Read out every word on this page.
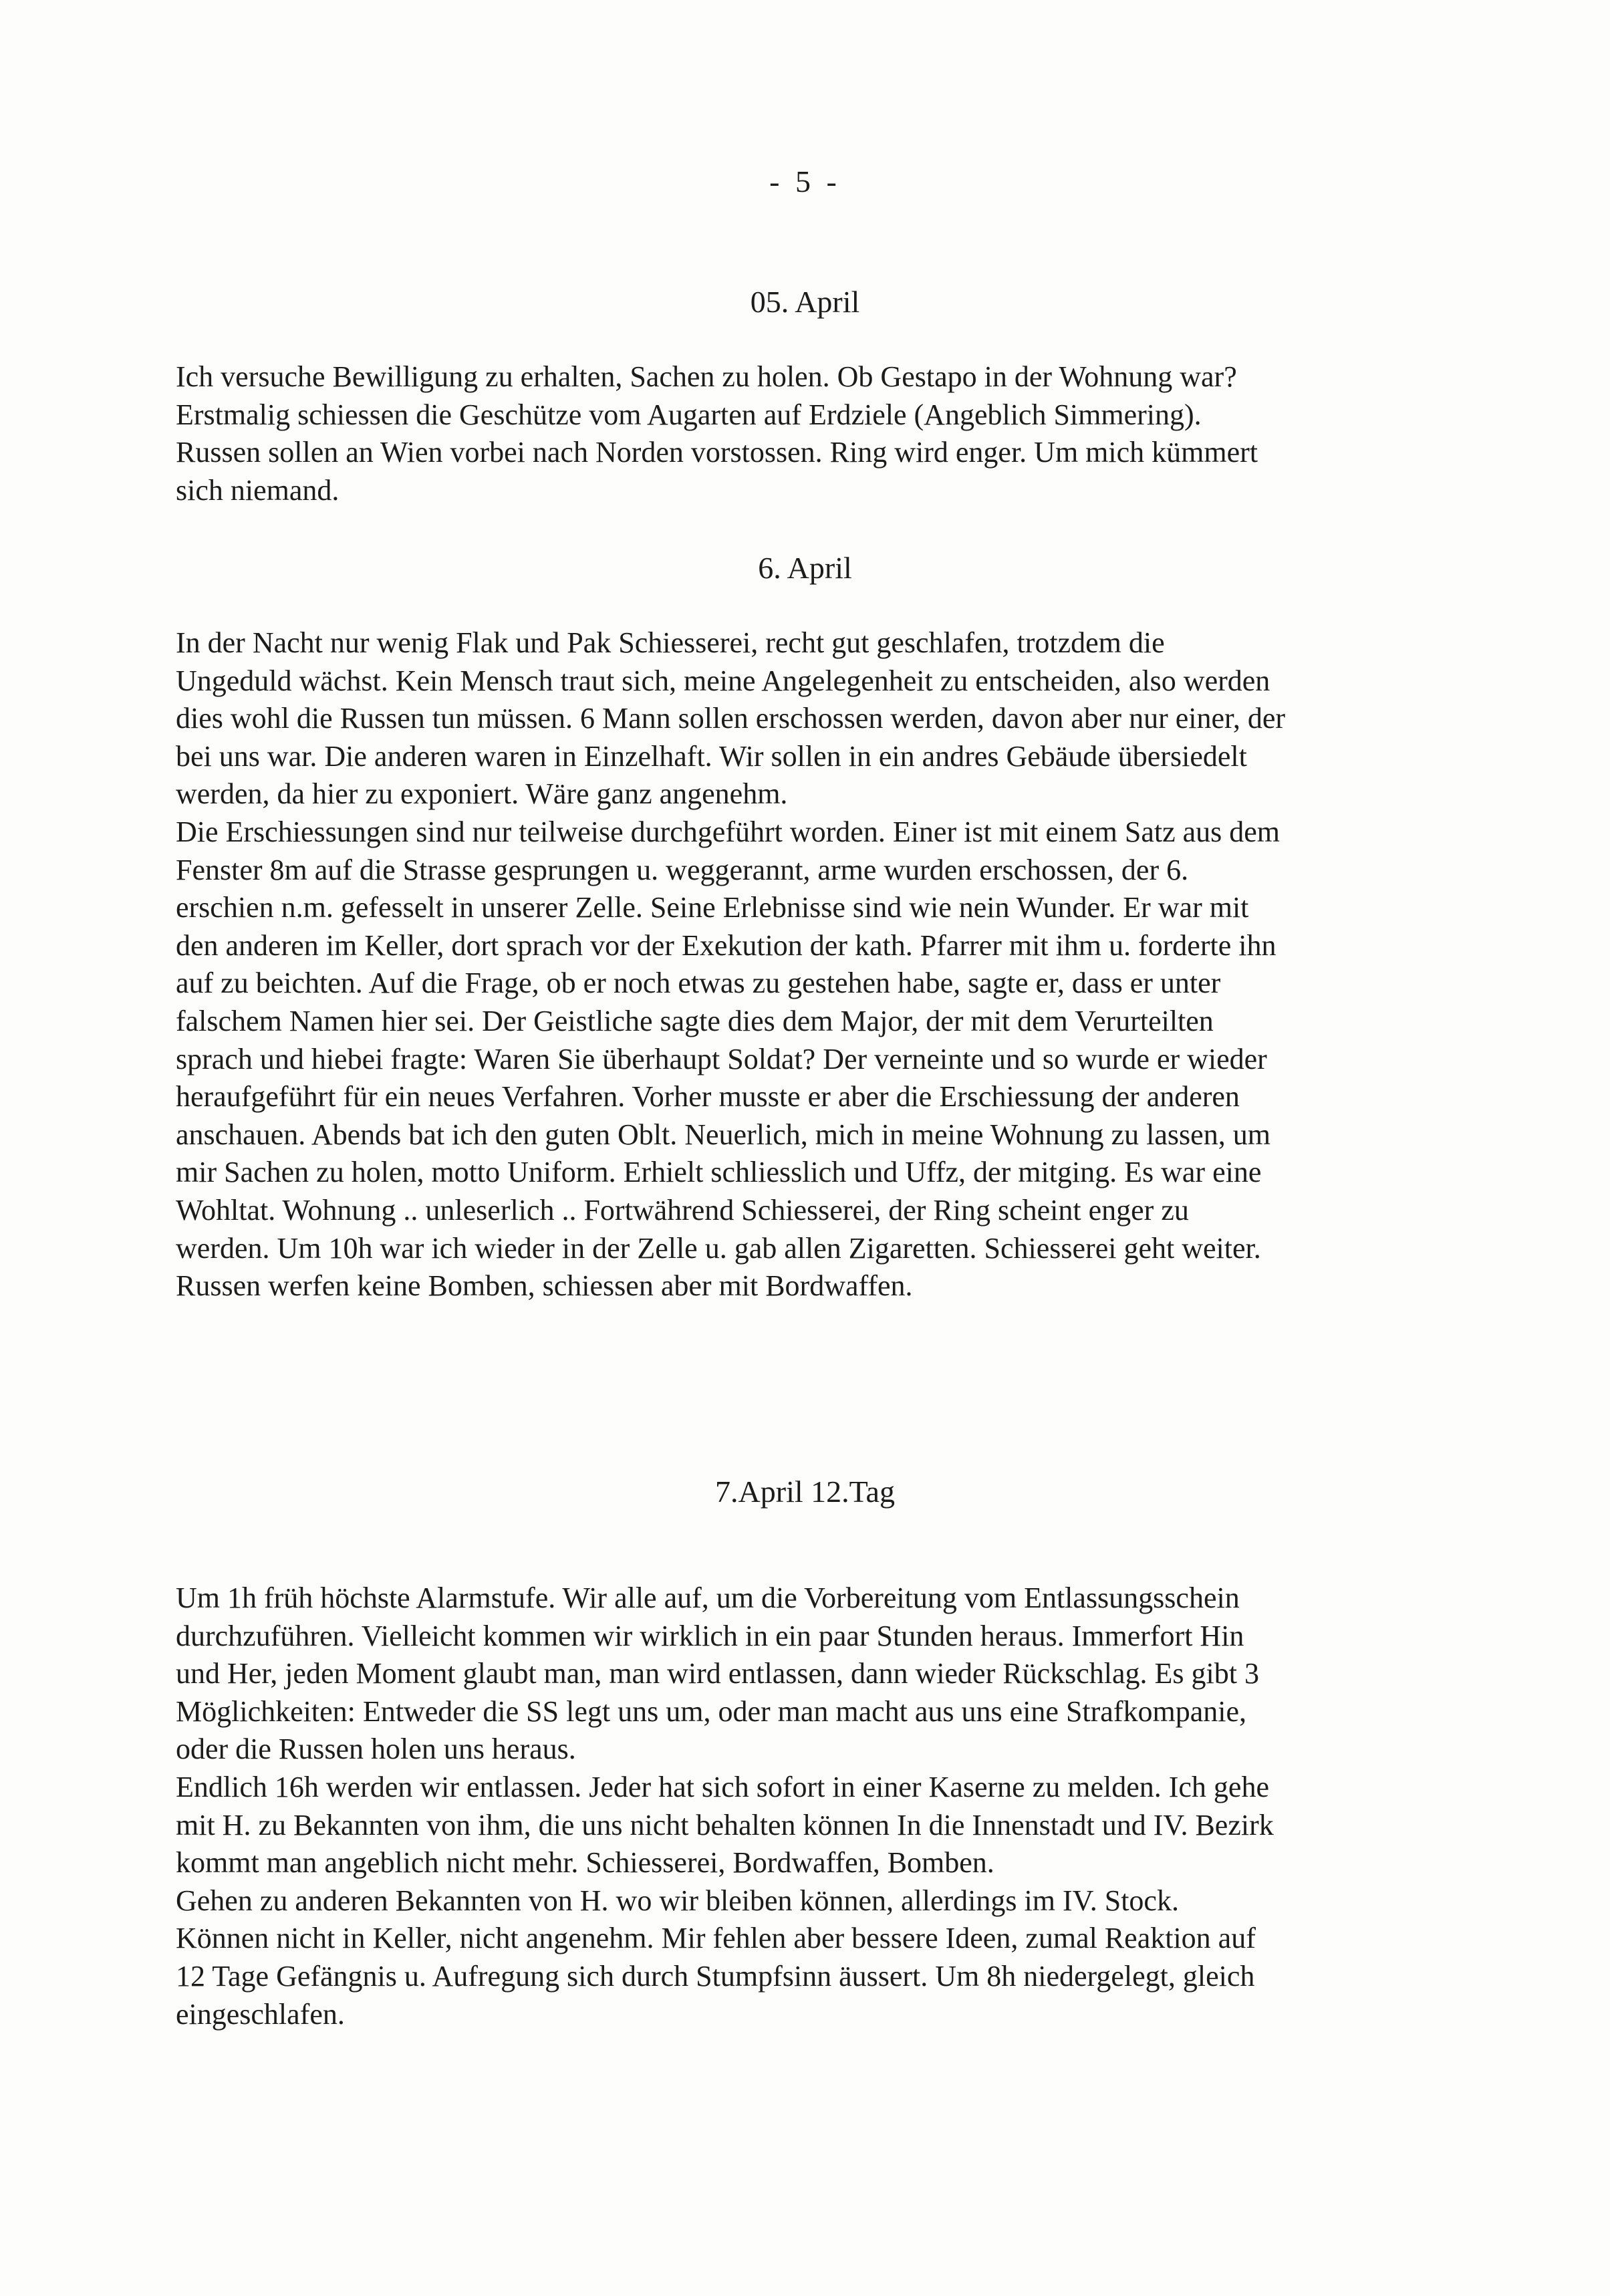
- 5 -
05. April
Ich versuche Bewilligung zu erhalten, Sachen zu holen. Ob Gestapo in der Wohnung war?
Erstmalig schiessen die Geschütze vom Augarten auf Erdziele (Angeblich Simmering).
Russen sollen an Wien vorbei nach Norden vorstossen. Ring wird enger. Um mich kümmert
sich niemand.
6. April
In der Nacht nur wenig Flak und Pak Schiesserei, recht gut geschlafen, trotzdem die
Ungeduld wächst. Kein Mensch traut sich, meine Angelegenheit zu entscheiden, also werden
dies wohl die Russen tun müssen. 6 Mann sollen erschossen werden, davon aber nur einer, der
bei uns war. Die anderen waren in Einzelhaft. Wir sollen in ein andres Gebäude übersiedelt
werden, da hier zu exponiert. Wäre ganz angenehm.
Die Erschiessungen sind nur teilweise durchgeführt worden. Einer ist mit einem Satz aus dem
Fenster 8m auf die Strasse gesprungen u. weggerannt, arme wurden erschossen, der 6.
erschien n.m. gefesselt in unserer Zelle. Seine Erlebnisse sind wie nein Wunder. Er war mit
den anderen im Keller, dort sprach vor der Exekution der kath. Pfarrer mit ihm u. forderte ihn
auf zu beichten. Auf die Frage, ob er noch etwas zu gestehen habe, sagte er, dass er unter
falschem Namen hier sei. Der Geistliche sagte dies dem Major, der mit dem Verurteilten
sprach und hiebei fragte: Waren Sie überhaupt Soldat? Der verneinte und so wurde er wieder
heraufgeführt für ein neues Verfahren. Vorher musste er aber die Erschiessung der anderen
anschauen. Abends bat ich den guten Oblt. Neuerlich, mich in meine Wohnung zu lassen, um
mir Sachen zu holen, motto Uniform. Erhielt schliesslich und Uffz, der mitging. Es war eine
Wohltat. Wohnung .. unleserlich .. Fortwährend Schiesserei, der Ring scheint enger zu
werden. Um 10h war ich wieder in der Zelle u. gab allen Zigaretten. Schiesserei geht weiter.
Russen werfen keine Bomben, schiessen aber mit Bordwaffen.
7.April 12.Tag
Um 1h früh höchste Alarmstufe. Wir alle auf, um die Vorbereitung vom Entlassungsschein
durchzuführen. Vielleicht kommen wir wirklich in ein paar Stunden heraus. Immerfort Hin
und Her, jeden Moment glaubt man, man wird entlassen, dann wieder Rückschlag. Es gibt 3
Möglichkeiten: Entweder die SS legt uns um, oder man macht aus uns eine Strafkompanie,
oder die Russen holen uns heraus.
Endlich 16h werden wir entlassen. Jeder hat sich sofort in einer Kaserne zu melden. Ich gehe
mit H. zu Bekannten von ihm, die uns nicht behalten können In die Innenstadt und IV. Bezirk
kommt man angeblich nicht mehr. Schiesserei, Bordwaffen, Bomben.
Gehen zu anderen Bekannten von H. wo wir bleiben können, allerdings im IV. Stock.
Können nicht in Keller, nicht angenehm. Mir fehlen aber bessere Ideen, zumal Reaktion auf
12 Tage Gefängnis u. Aufregung sich durch Stumpfsinn äussert. Um 8h niedergelegt, gleich
eingeschlafen.
